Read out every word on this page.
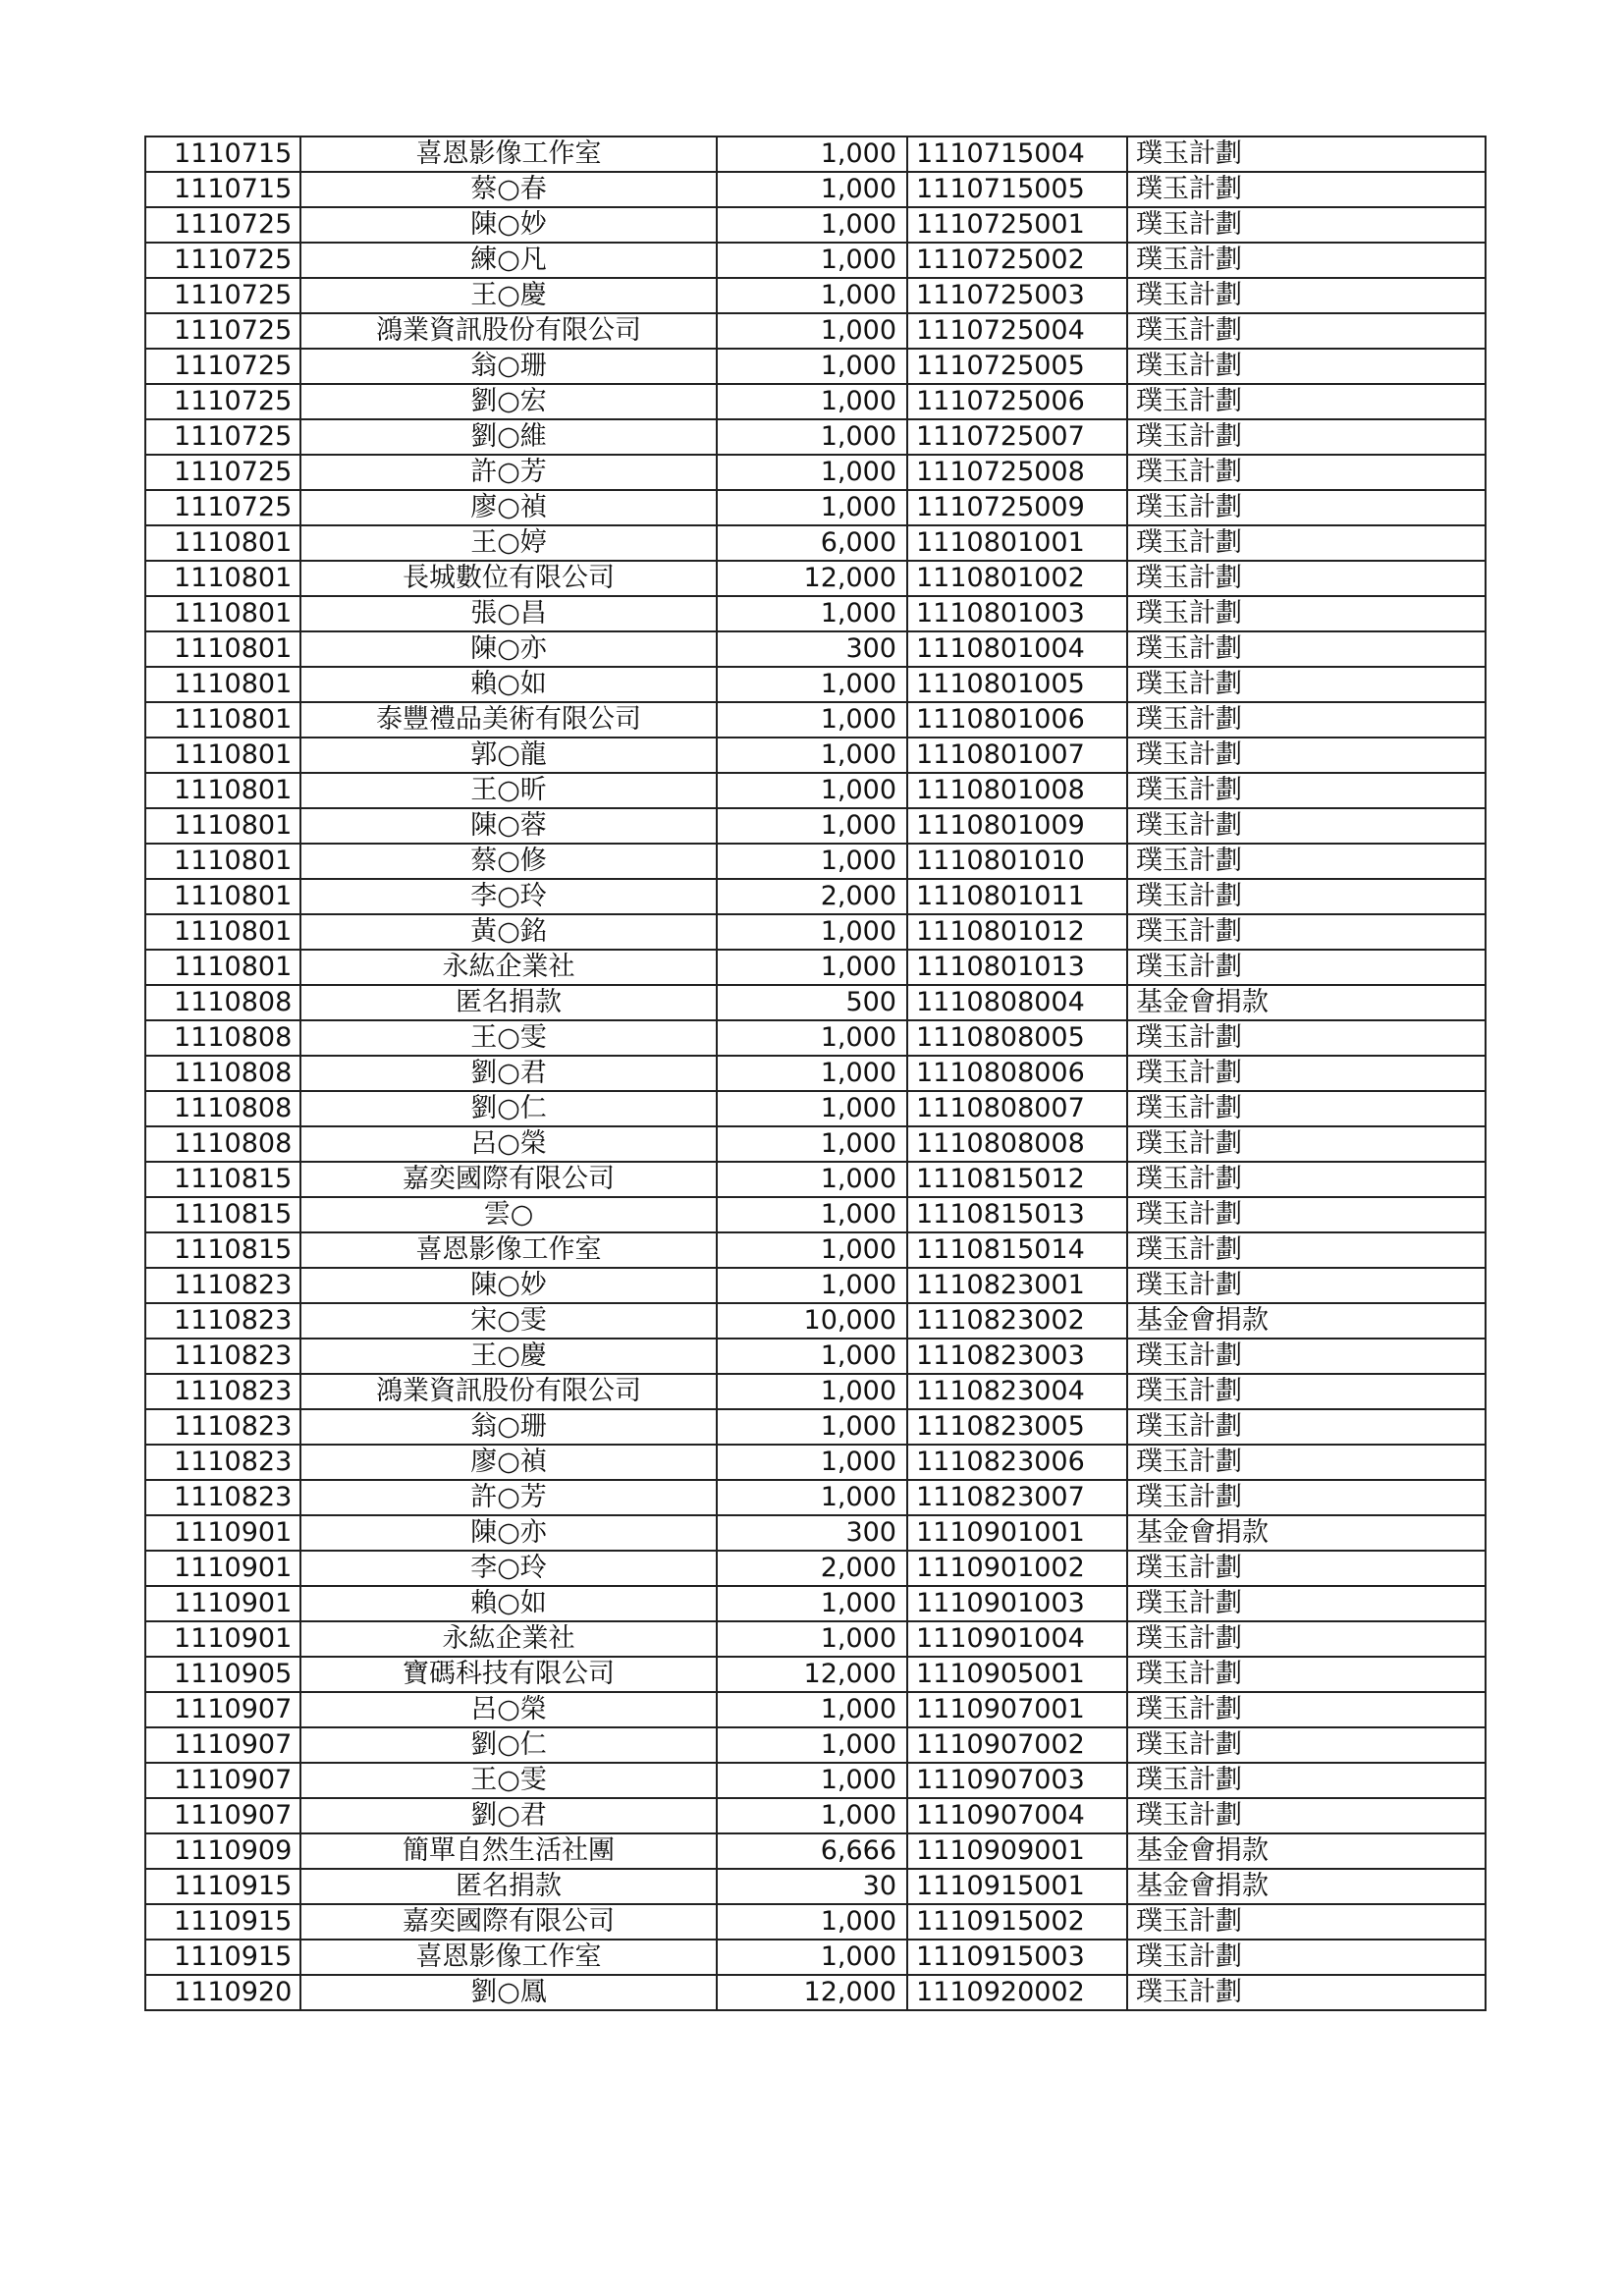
1110715	喜恩影像工作室	1,000	1110715004	璞玉計劃
1110715	蔡○春	1,000	1110715005	璞玉計劃
1110725	陳○妙	1,000	1110725001	璞玉計劃
1110725	練○凡	1,000	1110725002	璞玉計劃
1110725	王○慶	1,000	1110725003	璞玉計劃
1110725	鴻業資訊股份有限公司	1,000	1110725004	璞玉計劃
1110725	翁○珊	1,000	1110725005	璞玉計劃
1110725	劉○宏	1,000	1110725006	璞玉計劃
1110725	劉○維	1,000	1110725007	璞玉計劃
1110725	許○芳	1,000	1110725008	璞玉計劃
1110725	廖○禎	1,000	1110725009	璞玉計劃
1110801	王○婷	6,000	1110801001	璞玉計劃
1110801	長城數位有限公司	12,000	1110801002	璞玉計劃
1110801	張○昌	1,000	1110801003	璞玉計劃
1110801	陳○亦	300	1110801004	璞玉計劃
1110801	賴○如	1,000	1110801005	璞玉計劃
1110801	泰豐禮品美術有限公司	1,000	1110801006	璞玉計劃
1110801	郭○龍	1,000	1110801007	璞玉計劃
1110801	王○昕	1,000	1110801008	璞玉計劃
1110801	陳○蓉	1,000	1110801009	璞玉計劃
1110801	蔡○修	1,000	1110801010	璞玉計劃
1110801	李○玲	2,000	1110801011	璞玉計劃
1110801	黃○銘	1,000	1110801012	璞玉計劃
1110801	永紘企業社	1,000	1110801013	璞玉計劃
1110808	匿名捐款	500	1110808004	基金會捐款
1110808	王○雯	1,000	1110808005	璞玉計劃
1110808	劉○君	1,000	1110808006	璞玉計劃
1110808	劉○仁	1,000	1110808007	璞玉計劃
1110808	呂○榮	1,000	1110808008	璞玉計劃
1110815	嘉奕國際有限公司	1,000	1110815012	璞玉計劃
1110815	雲○	1,000	1110815013	璞玉計劃
1110815	喜恩影像工作室	1,000	1110815014	璞玉計劃
1110823	陳○妙	1,000	1110823001	璞玉計劃
1110823	宋○雯	10,000	1110823002	基金會捐款
1110823	王○慶	1,000	1110823003	璞玉計劃
1110823	鴻業資訊股份有限公司	1,000	1110823004	璞玉計劃
1110823	翁○珊	1,000	1110823005	璞玉計劃
1110823	廖○禎	1,000	1110823006	璞玉計劃
1110823	許○芳	1,000	1110823007	璞玉計劃
1110901	陳○亦	300	1110901001	基金會捐款
1110901	李○玲	2,000	1110901002	璞玉計劃
1110901	賴○如	1,000	1110901003	璞玉計劃
1110901	永紘企業社	1,000	1110901004	璞玉計劃
1110905	寶碼科技有限公司	12,000	1110905001	璞玉計劃
1110907	呂○榮	1,000	1110907001	璞玉計劃
1110907	劉○仁	1,000	1110907002	璞玉計劃
1110907	王○雯	1,000	1110907003	璞玉計劃
1110907	劉○君	1,000	1110907004	璞玉計劃
1110909	簡單自然生活社團	6,666	1110909001	基金會捐款
1110915	匿名捐款	30	1110915001	基金會捐款
1110915	嘉奕國際有限公司	1,000	1110915002	璞玉計劃
1110915	喜恩影像工作室	1,000	1110915003	璞玉計劃
1110920	劉○鳳	12,000	1110920002	璞玉計劃
